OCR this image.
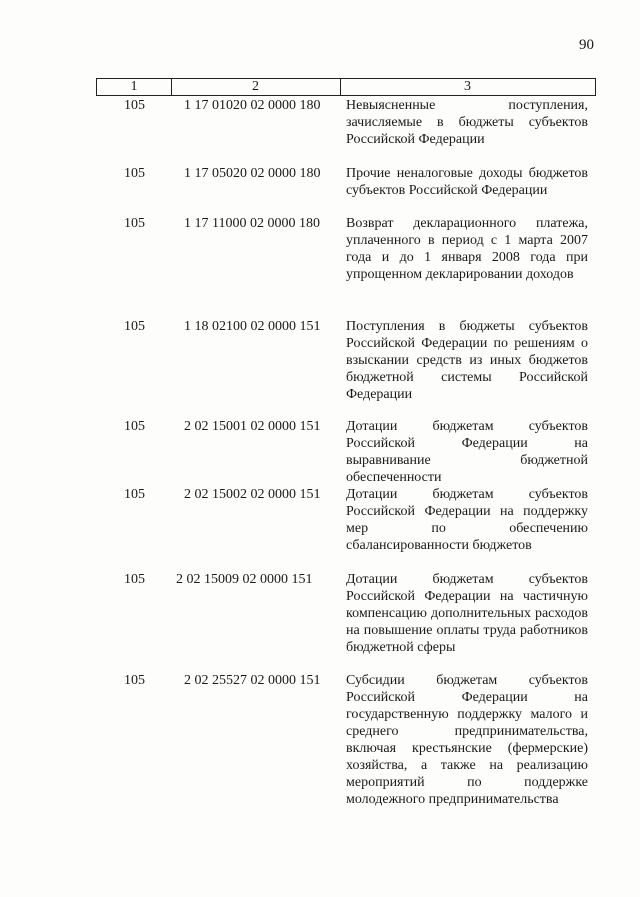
90
1	2	3
105	1 17 01020 02 0000 180 Невыясненные поступления, зачисляемые в бюджеты субъектов Российской Федерации
105	1 17 05020 02 0000 180 Прочие неналоговые доходы бюджетов субъектов Российской Федерации
105	1 17 11000 02 0000 180 Возврат декларационного платежа, уплаченного в период с 1 марта 2007 года и до 1 января 2008 года при упрощенном декларировании доходов
105	1 18 02100 02 0000 151 Поступления в бюджеты субъектов Российской Федерации по решениям о взыскании средств из иных бюджетов бюджетной системы Российской Федерации
105	2 02 15001 02 0000 151 Дотации бюджетам субъектов Российской Федерации на выравнивание бюджетной обеспеченности
105	2 02 15002 02 0000 151 Дотации бюджетам субъектов Российской Федерации на поддержку мер по обеспечению сбалансированности бюджетов
105 2 02 15009 02 0000 151 Дотации бюджетам субъектов Российской Федерации на частичную компенсацию дополнительных расходов на повышение оплаты труда работников бюджетной сферы
105	2 02 25527 02 0000 151 Субсидии бюджетам субъектов Российской Федерации на государственную поддержку малого и среднего предпринимательства, включая крестьянские (фермерские) хозяйства, а также на реализацию мероприятий по поддержке молодежного предпринимательства
